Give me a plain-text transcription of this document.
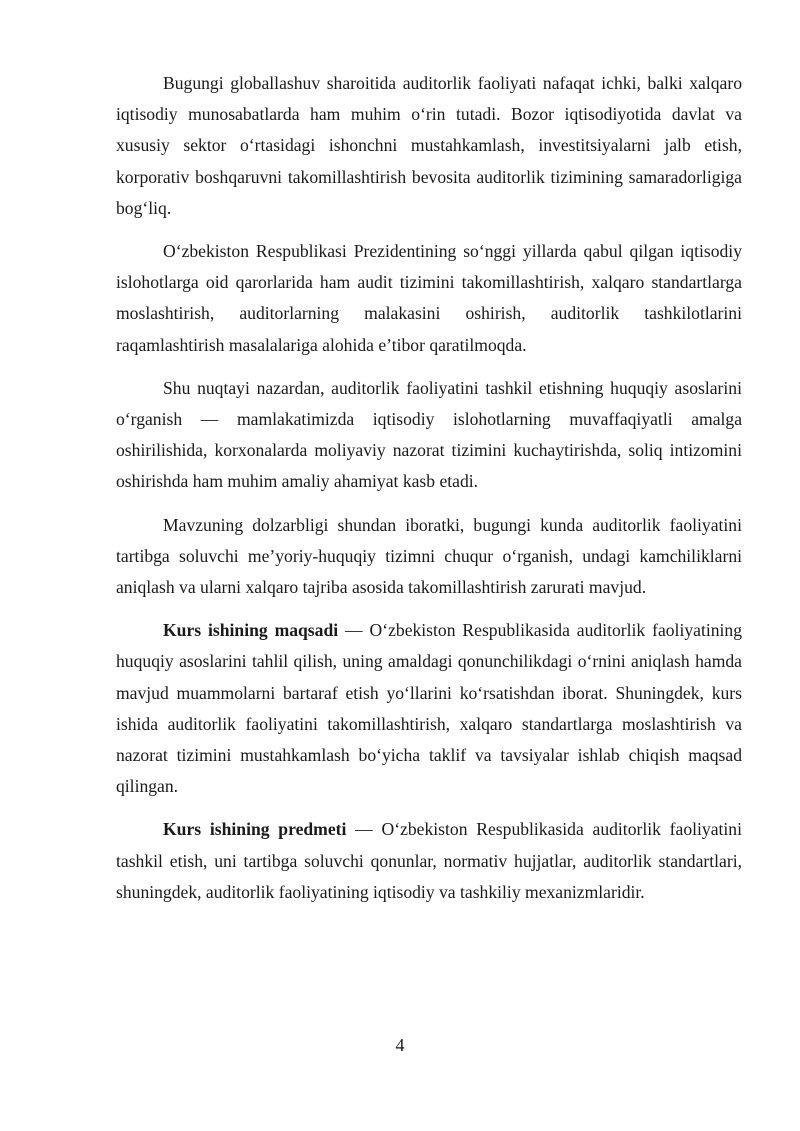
Bugungi globallashuv sharoitida auditorlik faoliyati nafaqat ichki, balki xalqaro iqtisodiy munosabatlarda ham muhim oʻrin tutadi. Bozor iqtisodiyotida davlat va xususiy sektor oʻrtasidagi ishonchni mustahkamlash, investitsiyalarni jalb etish, korporativ boshqaruvni takomillashtirish bevosita auditorlik tizimining samaradorligiga bogʻliq.

Oʻzbekiston Respublikasi Prezidentining soʻnggi yillarda qabul qilgan iqtisodiy islohotlarga oid qarorlarida ham audit tizimini takomillashtirish, xalqaro standartlarga moslashtirish, auditorlarning malakasini oshirish, auditorlik tashkilotlarini raqamlashtirish masalalariga alohida e’tibor qaratilmoqda.

Shu nuqtayi nazardan, auditorlik faoliyatini tashkil etishning huquqiy asoslarini oʻrganish — mamlakatimizda iqtisodiy islohotlarning muvaffaqiyatli amalga oshirilishida, korxonalarda moliyaviy nazorat tizimini kuchaytirishda, soliq intizomini oshirishda ham muhim amaliy ahamiyat kasb etadi.

Mavzuning dolzarbligi shundan iboratki, bugungi kunda auditorlik faoliyatini tartibga soluvchi me’yoriy-huquqiy tizimni chuqur oʻrganish, undagi kamchiliklarni aniqlash va ularni xalqaro tajriba asosida takomillashtirish zarurati mavjud.

Kurs ishining maqsadi — Oʻzbekiston Respublikasida auditorlik faoliyatining huquqiy asoslarini tahlil qilish, uning amaldagi qonunchilikdagi oʻrnini aniqlash hamda mavjud muammolarni bartaraf etish yoʻllarini koʻrsatishdan iborat. Shuningdek, kurs ishida auditorlik faoliyatini takomillashtirish, xalqaro standartlarga moslashtirish va nazorat tizimini mustahkamlash boʻyicha taklif va tavsiyalar ishlab chiqish maqsad qilingan.

Kurs ishining predmeti — Oʻzbekiston Respublikasida auditorlik faoliyatini tashkil etish, uni tartibga soluvchi qonunlar, normativ hujjatlar, auditorlik standartlari, shuningdek, auditorlik faoliyatining iqtisodiy va tashkiliy mexanizmlaridir.

4
